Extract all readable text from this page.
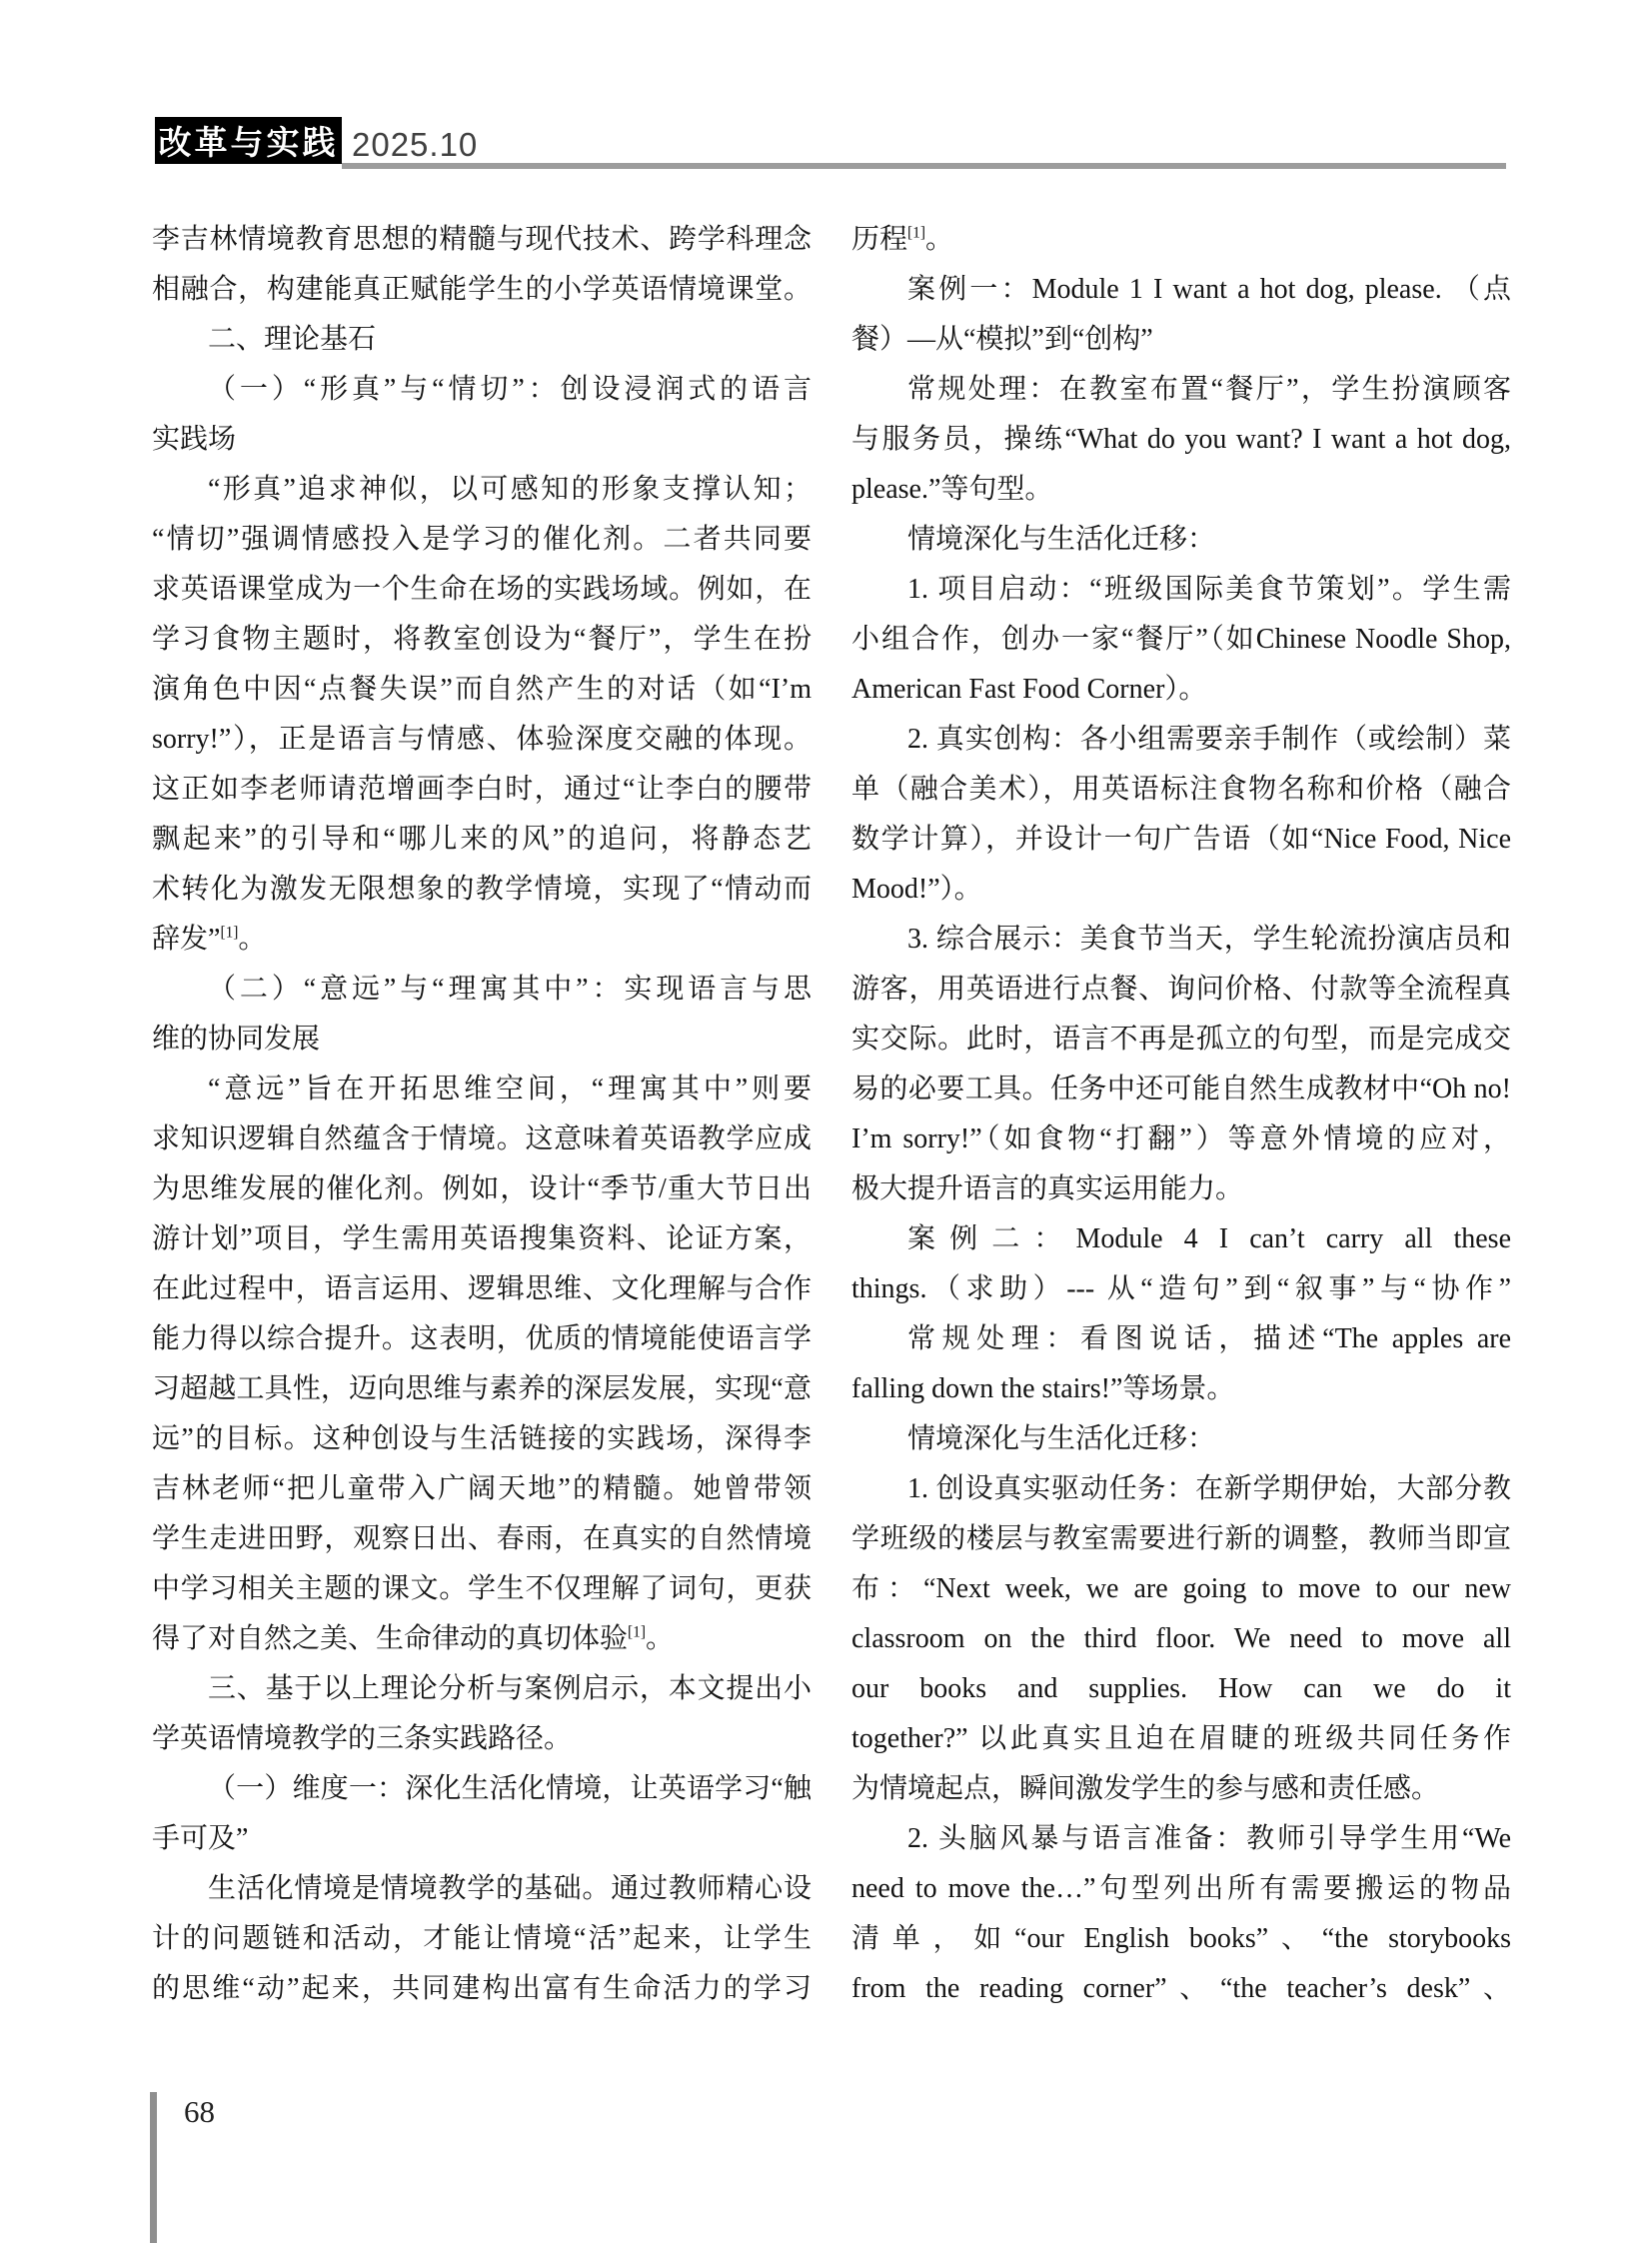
改革与实践 2025.10
李吉林情境教育思想的精髓与现代技术、跨学科理念
相融合，构建能真正赋能学生的小学英语情境课堂。
二、理论基石
（一）“形真”与“情切”：创设浸润式的语言
实践场
“形真”追求神似，以可感知的形象支撑认知；
“情切”强调情感投入是学习的催化剂。二者共同要
求英语课堂成为一个生命在场的实践场域。例如，在
学习食物主题时，将教室创设为“餐厅”，学生在扮
演角色中因“点餐失误”而自然产生的对话（如“I’m
sorry!”），正是语言与情感、体验深度交融的体现。
这正如李老师请范增画李白时，通过“让李白的腰带
飘起来”的引导和“哪儿来的风”的追问，将静态艺
术转化为激发无限想象的教学情境，实现了“情动而
辞发”[1]。
（二）“意远”与“理寓其中”：实现语言与思
维的协同发展
“意远”旨在开拓思维空间，“理寓其中”则要
求知识逻辑自然蕴含于情境。这意味着英语教学应成
为思维发展的催化剂。例如，设计“季节/重大节日出
游计划”项目，学生需用英语搜集资料、论证方案，
在此过程中，语言运用、逻辑思维、文化理解与合作
能力得以综合提升。这表明，优质的情境能使语言学
习超越工具性，迈向思维与素养的深层发展，实现“意
远”的目标。这种创设与生活链接的实践场，深得李
吉林老师“把儿童带入广阔天地”的精髓。她曾带领
学生走进田野，观察日出、春雨，在真实的自然情境
中学习相关主题的课文。学生不仅理解了词句，更获
得了对自然之美、生命律动的真切体验[1]。
三、基于以上理论分析与案例启示，本文提出小
学英语情境教学的三条实践路径。
（一）维度一：深化生活化情境，让英语学习“触
手可及”
生活化情境是情境教学的基础。通过教师精心设
计的问题链和活动，才能让情境“活”起来，让学生
的思维“动”起来，共同建构出富有生命活力的学习
历程[1]。
案例一：Module 1 I want a hot dog, please. （点
餐）—从“模拟”到“创构”
常规处理：在教室布置“餐厅”，学生扮演顾客
与服务员，操练“What do you want? I want a hot dog,
please.”等句型。
情境深化与生活化迁移：
1. 项目启动：“班级国际美食节策划”。学生需
小组合作，创办一家“餐厅”（如Chinese Noodle Shop,
American Fast Food Corner）。
2. 真实创构：各小组需要亲手制作（或绘制）菜
单（融合美术），用英语标注食物名称和价格（融合
数学计算），并设计一句广告语（如“Nice Food, Nice
Mood!”）。
3. 综合展示：美食节当天，学生轮流扮演店员和
游客，用英语进行点餐、询问价格、付款等全流程真
实交际。此时，语言不再是孤立的句型，而是完成交
易的必要工具。任务中还可能自然生成教材中“Oh no!
I’m sorry!”（如食物“打翻”）等意外情境的应对，
极大提升语言的真实运用能力。
案例二：Module 4 I can’t carry all these
things.（求助）--- 从“造句”到“叙事”与“协作”
常规处理：看图说话，描述“The apples are
falling down the stairs!”等场景。
情境深化与生活化迁移：
1. 创设真实驱动任务：在新学期伊始，大部分教
学班级的楼层与教室需要进行新的调整，教师当即宣
布：“Next week, we are going to move to our new
classroom on the third floor. We need to move all
our books and supplies. How can we do it
together?” 以此真实且迫在眉睫的班级共同任务作
为情境起点，瞬间激发学生的参与感和责任感。
2. 头脑风暴与语言准备：教师引导学生用“We
need to move the…”句型列出所有需要搬运的物品
清单，如“our English books”、“the storybooks
from the reading corner”、“the teacher’s desk”、
68
